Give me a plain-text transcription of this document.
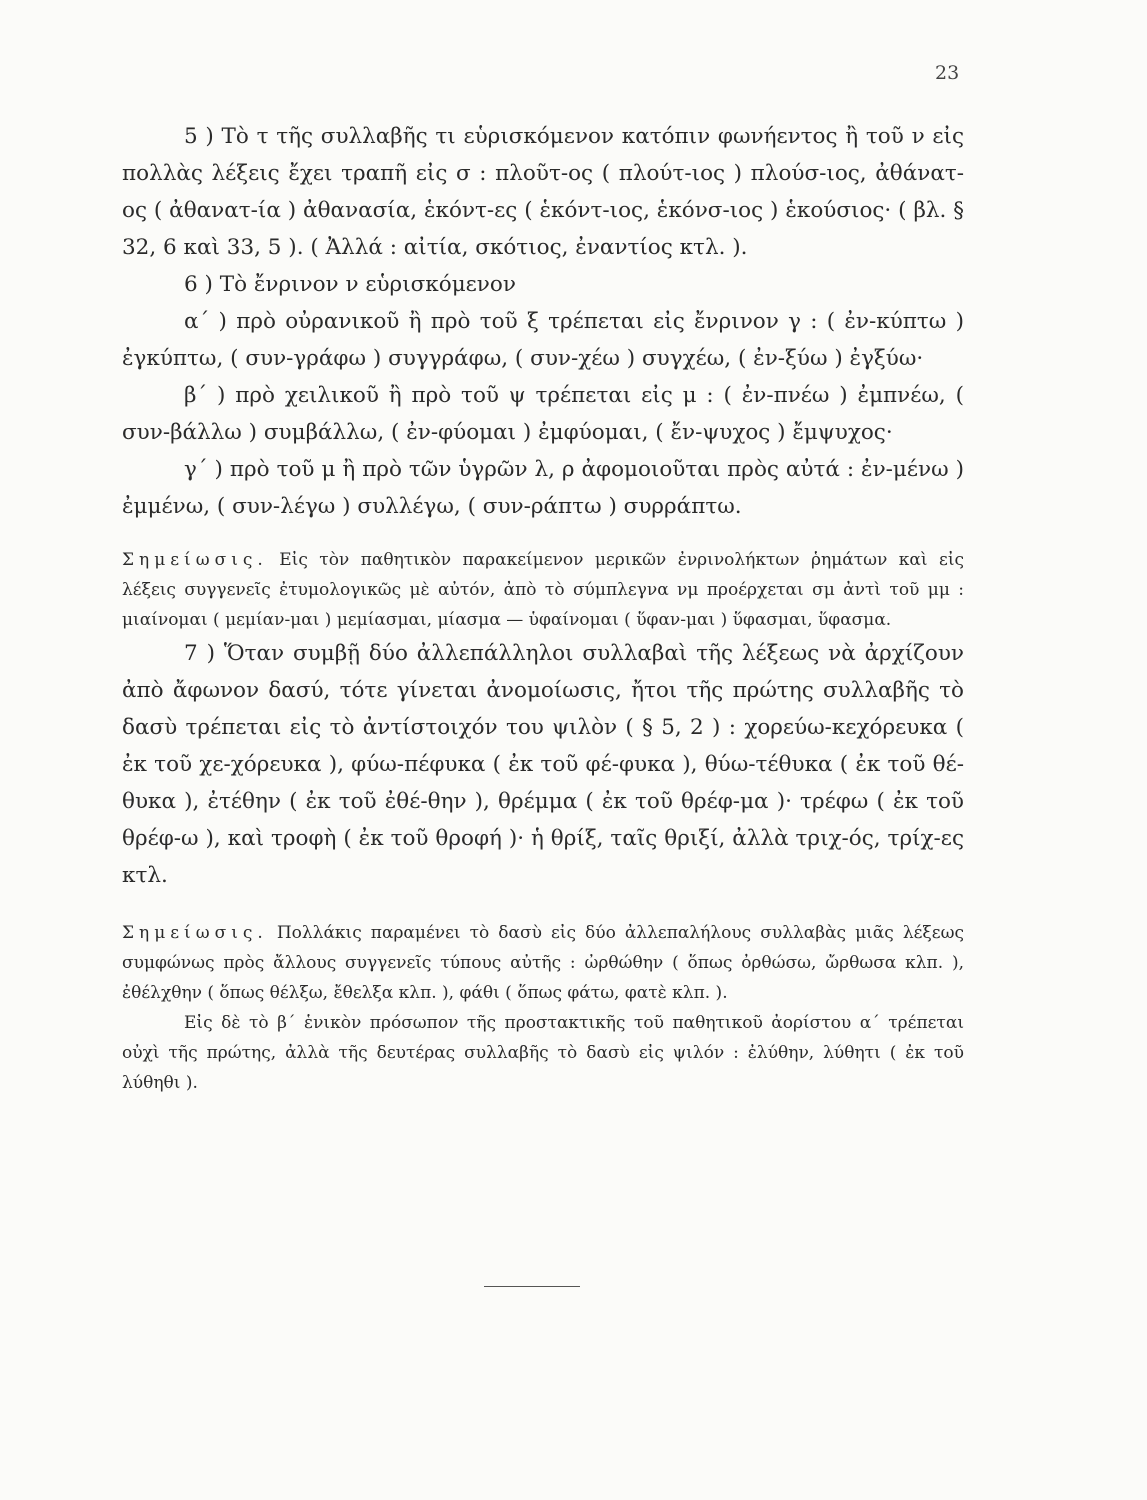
23

5 ) Τὸ τ τῆς συλλαβῆς τι εὑρισκόμενον κατόπιν φωνήεντος ἢ τοῦ ν εἰς πολλὰς λέξεις ἔχει τραπῆ εἰς σ : πλοῦτ-ος ( πλούτ-ιος ) πλούσ-ιος, ἀθάνατ-ος ( ἀθανατ-ία ) ἀθανασία, ἑκόντ-ες ( ἑκόντ-ιος, ἑκόνσ-ιος ) ἑκούσιος· ( βλ. § 32, 6 καὶ 33, 5 ). ( Ἀλλά : αἰτία, σκότιος, ἐναντίος κτλ. ).

6 ) Τὸ ἔνρινον ν εὑρισκόμενον

α΄ ) πρὸ οὐρανικοῦ ἢ πρὸ τοῦ ξ τρέπεται εἰς ἔνρινον γ : ( ἐν-κύπτω ) ἐγκύπτω, ( συν-γράφω ) συγγράφω, ( συν-χέω ) συγχέω, ( ἐν-ξύω ) ἐγξύω·

β΄ ) πρὸ χειλικοῦ ἢ πρὸ τοῦ ψ τρέπεται εἰς μ : ( ἐν-πνέω ) ἐμπνέω, ( συν-βάλλω ) συμβάλλω, ( ἐν-φύομαι ) ἐμφύομαι, ( ἔν-ψυχος ) ἔμψυχος·

γ΄ ) πρὸ τοῦ μ ἢ πρὸ τῶν ὑγρῶν λ, ρ ἀφομοιοῦται πρὸς αὐτά : ἐν-μένω ) ἐμμένω, ( συν-λέγω ) συλλέγω, ( συν-ράπτω ) συρράπτω.

Σημείωσις. Εἰς τὸν παθητικὸν παρακείμενον μερικῶν ἐνρινολήκτων ῥημάτων καὶ εἰς λέξεις συγγενεῖς ἐτυμολογικῶς μὲ αὐτόν, ἀπὸ τὸ σύμπλεγνα νμ προέρχεται σμ ἀντὶ τοῦ μμ : μιαίνομαι ( μεμίαν-μαι ) μεμίασμαι, μίασμα — ὑφαίνομαι ( ὕφαν-μαι ) ὕφασμαι, ὕφασμα.

7 ) Ὅταν συμβῇ δύο ἀλλεπάλληλοι συλλαβαὶ τῆς λέξεως νὰ ἀρχίζουν ἀπὸ ἄφωνον δασύ, τότε γίνεται ἀνομοίωσις, ἤτοι τῆς πρώτης συλλαβῆς τὸ δασὺ τρέπεται εἰς τὸ ἀντίστοιχόν του ψιλὸν ( § 5, 2 ) : χορεύω-κεχόρευκα ( ἐκ τοῦ χε-χόρευκα ), φύω-πέφυκα ( ἐκ τοῦ φέ-φυκα ), θύω-τέθυκα ( ἐκ τοῦ θέ-θυκα ), ἐτέθην ( ἐκ τοῦ ἐθέ-θην ), θρέμμα ( ἐκ τοῦ θρέφ-μα )· τρέφω ( ἐκ τοῦ θρέφ-ω ), καὶ τροφὴ ( ἐκ τοῦ θροφή )· ἡ θρίξ, ταῖς θριξί, ἀλλὰ τριχ-ός, τρίχ-ες κτλ.

Σημείωσις. Πολλάκις παραμένει τὸ δασὺ εἰς δύο ἀλλεπαλήλους συλλαβὰς μιᾶς λέξεως συμφώνως πρὸς ἄλλους συγγενεῖς τύπους αὐτῆς : ὠρθώθην ( ὅπως ὀρθώσω, ὤρθωσα κλπ. ), ἐθέλχθην ( ὅπως θέλξω, ἔθελξα κλπ. ), φάθι ( ὅπως φάτω, φατὲ κλπ. ).
Εἰς δὲ τὸ β΄ ἑνικὸν πρόσωπον τῆς προστακτικῆς τοῦ παθητικοῦ ἀορίστου α΄ τρέπεται οὐχὶ τῆς πρώτης, ἀλλὰ τῆς δευτέρας συλλαβῆς τὸ δασὺ εἰς ψιλόν : ἐλύθην, λύθητι ( ἐκ τοῦ λύθηθι ).
